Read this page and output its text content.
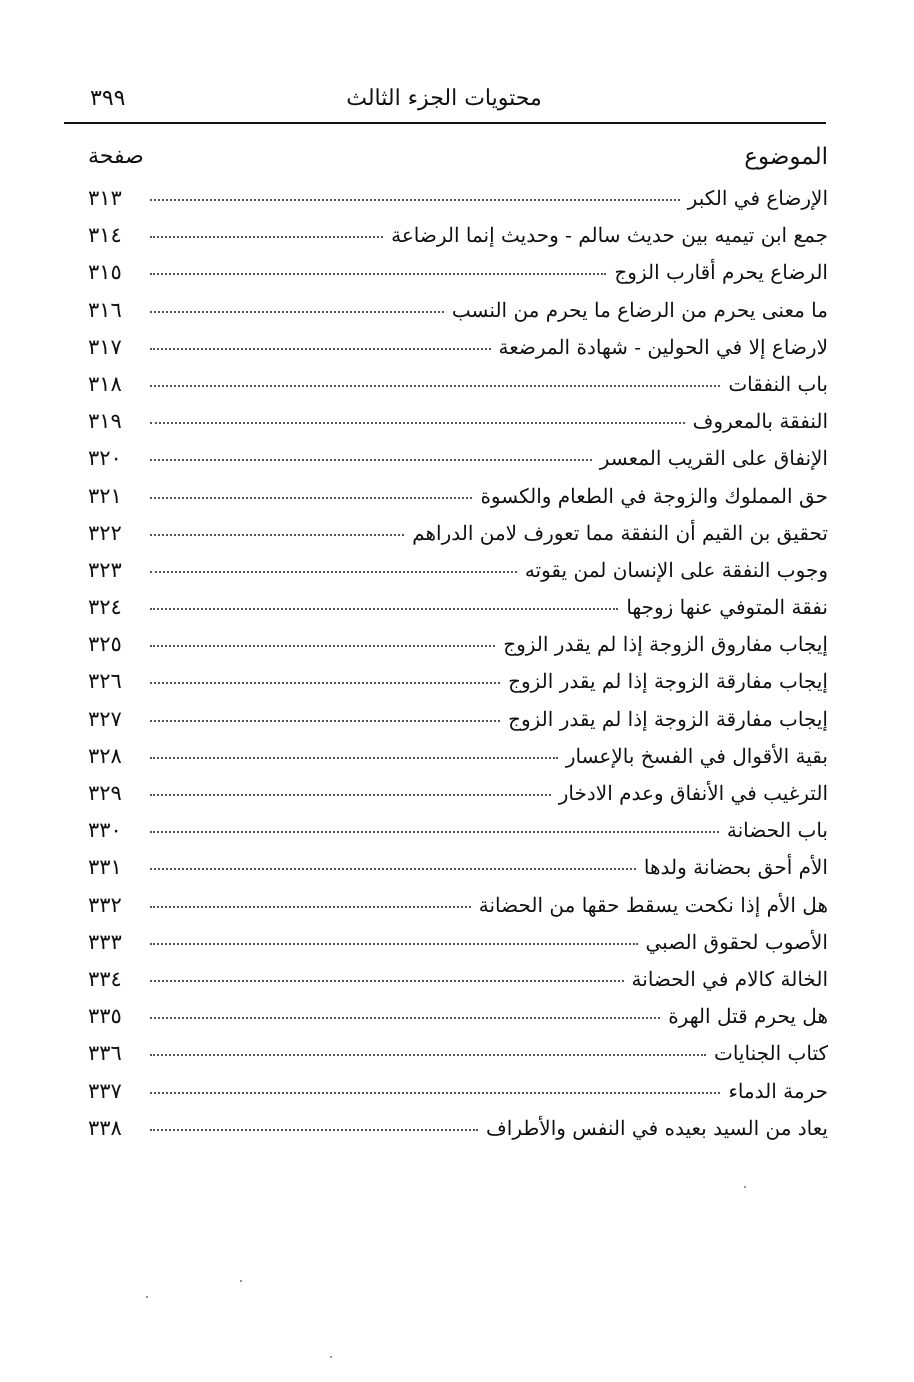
محتويات الجزء الثالث
٣٩٩
الموضوع
صفحة
٣١٣	الإرضاع في الكبر
٣١٤	جمع ابن تيميه بين حديث سالم - وحديث إنما الرضاعة
٣١٥	الرضاع يحرم أقارب الزوج
٣١٦	ما معنى يحرم من الرضاع ما يحرم من النسب
٣١٧	لارضاع إلا في الحولين - شهادة المرضعة
٣١٨	باب النفقات
٣١٩	النفقة بالمعروف
٣٢٠	الإنفاق على القريب المعسر
٣٢١	حق المملوك والزوجة في الطعام والكسوة
٣٢٢	تحقيق بن القيم أن النفقة مما تعورف لامن الدراهم
٣٢٣	وجوب النفقة على الإنسان لمن يقوته
٣٢٤	نفقة المتوفي عنها زوجها
٣٢٥	إيجاب مفاروق الزوجة إذا لم يقدر الزوج
٣٢٦	إيجاب مفارقة الزوجة إذا لم يقدر الزوج
٣٢٧	إيجاب مفارقة الزوجة إذا لم يقدر الزوج
٣٢٨	بقية الأقوال في الفسخ بالإعسار
٣٢٩	الترغيب في الأنفاق وعدم الادخار
٣٣٠	باب الحضانة
٣٣١	الأم أحق بحضانة ولدها
٣٣٢	هل الأم إذا نكحت يسقط حقها من الحضانة
٣٣٣	الأصوب لحقوق الصبي
٣٣٤	الخالة كالام في الحضانة
٣٣٥	هل يحرم قتل الهرة
٣٣٦	كتاب الجنايات
٣٣٧	حرمة الدماء
٣٣٨	يعاد من السيد بعيده في النفس والأطراف
